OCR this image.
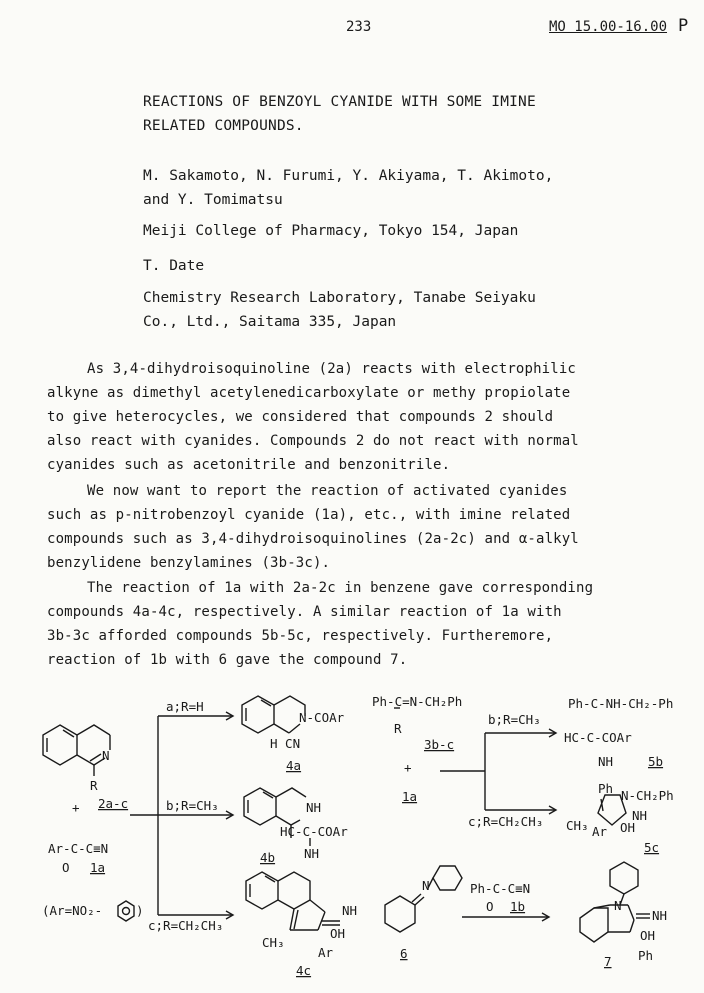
233	MO 15.00-16.00 P
REACTIONS OF BENZOYL CYANIDE WITH SOME IMINE
RELATED COMPOUNDS.
M. Sakamoto, N. Furumi, Y. Akiyama, T. Akimoto,
and Y. Tomimatsu
Meiji College of Pharmacy, Tokyo 154, Japan
T. Date
Chemistry Research Laboratory, Tanabe Seiyaku
Co., Ltd., Saitama 335, Japan
As 3,4-dihydroisoquinoline (2a) reacts with electrophilic
alkyne as dimethyl acetylenedicarboxylate or methy propiolate
to give heterocycles, we considered that compounds 2 should
also react with cyanides. Compounds 2 do not react with normal
cyanides such as acetonitrile and benzonitrile.
We now want to report the reaction of activated cyanides
such as p-nitrobenzoyl cyanide (1a), etc., with imine related
compounds such as 3,4-dihydroisoquinolines (2a-2c) and α-alkyl
benzylidene benzylamines (3b-3c).
The reaction of 1a with 2a-2c in benzene gave corresponding
compounds 4a-4c, respectively. A similar reaction of 1a with
3b-3c afforded compounds 5b-5c, respectively. Furtheremore,
reaction of 1b with 6 gave the compound 7.
R
N
+ 2a-c
Ar-C-C≡N
O 1a
(Ar=NO₂-	)
a;R=H
b;R=CH₃
c;R=CH₂CH₃
N-COAr
H CN
4a
NH
HC-C-COAr
NH
4b
NH
OH
CH₃
Ar
4c
Ph-C=N-CH₂Ph
R
3b-c
+
1a
b;R=CH₃
c;R=CH₂CH₃
Ph-C-NH-CH₂-Ph
HC-C-COAr
NH	5b
Ph N-CH₂Ph
NH
CH₃ Ar OH
5c
N
6
Ph-C-C≡N
O 1b	N
NH
OH
Ph
7
